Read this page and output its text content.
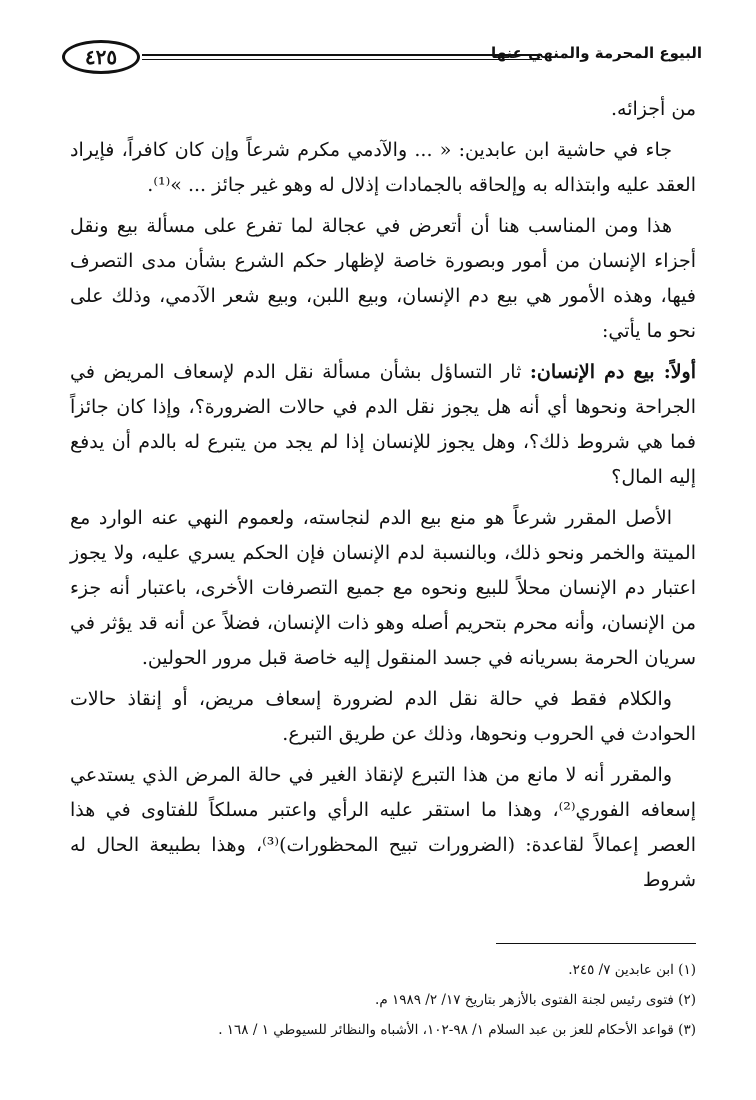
٤٢٥	البيوع المحرمة والمنهي عنها

من أجزائه.

جاء في حاشية ابن عابدين: « ... والآدمي مكرم شرعاً وإن كان كافراً، فإيراد العقد عليه وابتذاله به وإلحاقه بالجمادات إذلال له وهو غير جائز ... »⁽¹⁾.

هذا ومن المناسب هنا أن أتعرض في عجالة لما تفرع على مسألة بيع ونقل أجزاء الإنسان من أمور وبصورة خاصة لإظهار حكم الشرع بشأن مدى التصرف فيها، وهذه الأمور هي بيع دم الإنسان، وبيع اللبن، وبيع شعر الآدمي، وذلك على نحو ما يأتي:

أولاً: بيع دم الإنسان: ثار التساؤل بشأن مسألة نقل الدم لإسعاف المريض في الجراحة ونحوها أي أنه هل يجوز نقل الدم في حالات الضرورة؟، وإذا كان جائزاً فما هي شروط ذلك؟، وهل يجوز للإنسان إذا لم يجد من يتبرع له بالدم أن يدفع إليه المال؟

الأصل المقرر شرعاً هو منع بيع الدم لنجاسته، ولعموم النهي عنه الوارد مع الميتة والخمر ونحو ذلك، وبالنسبة لدم الإنسان فإن الحكم يسري عليه، ولا يجوز اعتبار دم الإنسان محلاً للبيع ونحوه مع جميع التصرفات الأخرى، باعتبار أنه جزء من الإنسان، وأنه محرم بتحريم أصله وهو ذات الإنسان، فضلاً عن أنه قد يؤثر في سريان الحرمة بسريانه في جسد المنقول إليه خاصة قبل مرور الحولين.

والكلام فقط في حالة نقل الدم لضرورة إسعاف مريض، أو إنقاذ حالات الحوادث في الحروب ونحوها، وذلك عن طريق التبرع.

والمقرر أنه لا مانع من هذا التبرع لإنقاذ الغير في حالة المرض الذي يستدعي إسعافه الفوري⁽²⁾، وهذا ما استقر عليه الرأي واعتبر مسلكاً للفتاوى في هذا العصر إعمالاً لقاعدة: (الضرورات تبيح المحظورات)⁽³⁾، وهذا بطبيعة الحال له شروط

(١) ابن عابدين ٧/ ٢٤٥.
(٢) فتوى رئيس لجنة الفتوى بالأزهر بتاريخ ١٧/ ٢/ ١٩٨٩ م.
(٣) قواعد الأحكام للعز بن عبد السلام ١/ ٩٨-١٠٢، الأشباه والنظائر للسيوطي ١ / ١٦٨ .
